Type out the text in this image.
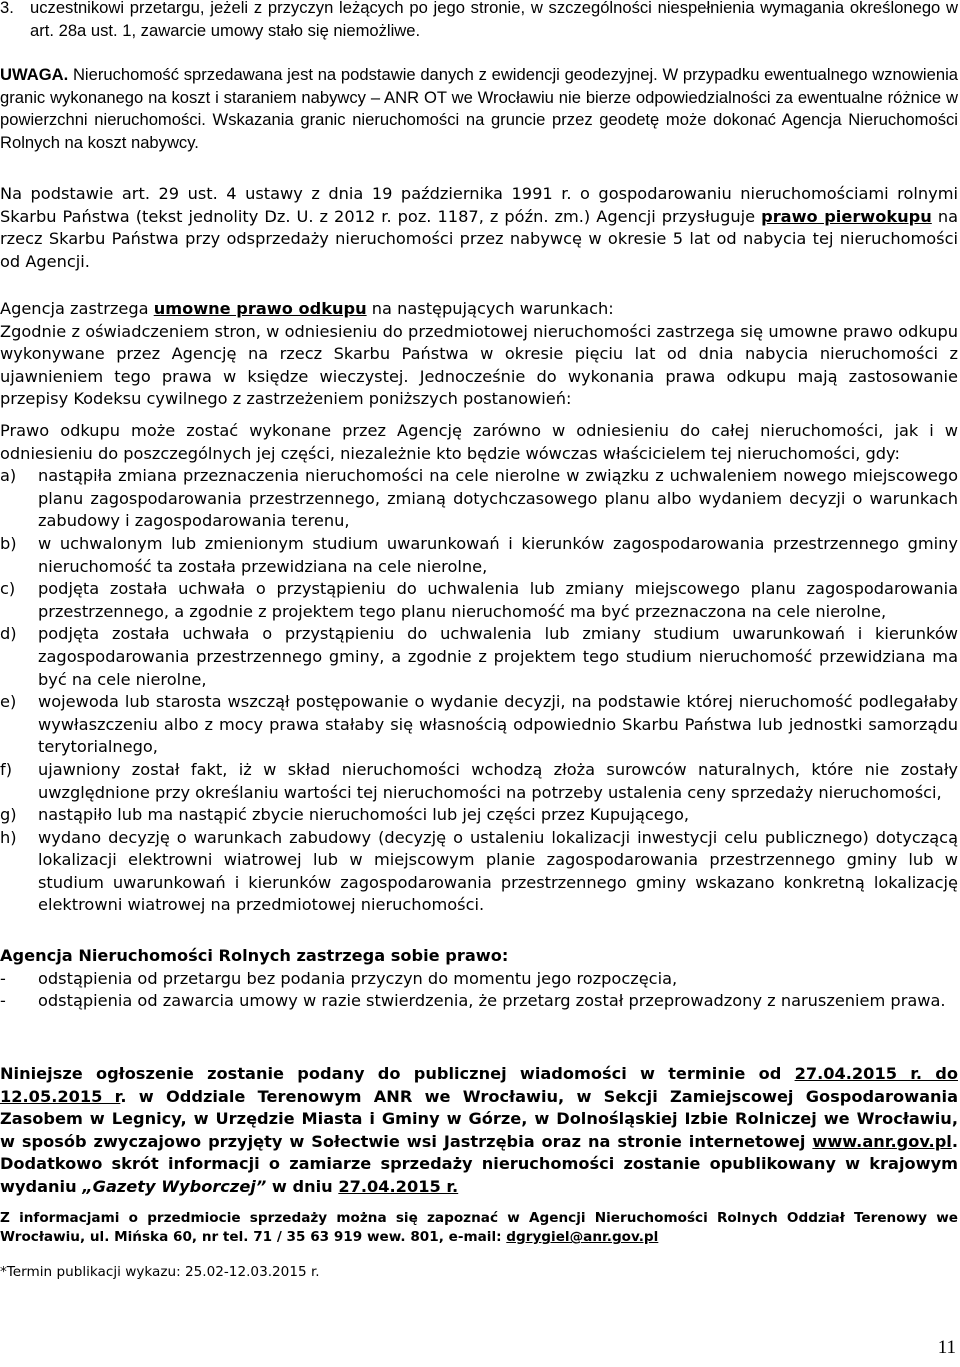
3. uczestnikowi przetargu, jeżeli z przyczyn leżących po jego stronie, w szczególności niespełnienia wymagania określonego w art. 28a ust. 1, zawarcie umowy stało się niemożliwe.

UWAGA. Nieruchomość sprzedawana jest na podstawie danych z ewidencji geodezyjnej. W przypadku ewentualnego wznowienia granic wykonanego na koszt i staraniem nabywcy – ANR OT we Wrocławiu nie bierze odpowiedzialności za ewentualne różnice w powierzchni nieruchomości. Wskazania granic nieruchomości na gruncie przez geodetę może dokonać Agencja Nieruchomości Rolnych na koszt nabywcy.

Na podstawie art. 29 ust. 4 ustawy z dnia 19 października 1991 r. o gospodarowaniu nieruchomościami rolnymi Skarbu Państwa (tekst jednolity Dz. U. z 2012 r. poz. 1187, z późn. zm.) Agencji przysługuje prawo pierwokupu na rzecz Skarbu Państwa przy odsprzedaży nieruchomości przez nabywcę w okresie 5 lat od nabycia tej nieruchomości od Agencji.

Agencja zastrzega umowne prawo odkupu na następujących warunkach:

Zgodnie z oświadczeniem stron, w odniesieniu do przedmiotowej nieruchomości zastrzega się umowne prawo odkupu wykonywane przez Agencję na rzecz Skarbu Państwa w okresie pięciu lat od dnia nabycia nieruchomości z ujawnieniem tego prawa w księdze wieczystej. Jednocześnie do wykonania prawa odkupu mają zastosowanie przepisy Kodeksu cywilnego z zastrzeżeniem poniższych postanowień:

Prawo odkupu może zostać wykonane przez Agencję zarówno w odniesieniu do całej nieruchomości, jak i w odniesieniu do poszczególnych jej części, niezależnie kto będzie wówczas właścicielem tej nieruchomości, gdy:

a) nastąpiła zmiana przeznaczenia nieruchomości na cele nierolne w związku z uchwaleniem nowego miejscowego planu zagospodarowania przestrzennego, zmianą dotychczasowego planu albo wydaniem decyzji o warunkach zabudowy i zagospodarowania terenu,
b) w uchwalonym lub zmienionym studium uwarunkowań i kierunków zagospodarowania przestrzennego gminy nieruchomość ta została przewidziana na cele nierolne,
c) podjęta została uchwała o przystąpieniu do uchwalenia lub zmiany miejscowego planu zagospodarowania przestrzennego, a zgodnie z projektem tego planu nieruchomość ma być przeznaczona na cele nierolne,
d) podjęta została uchwała o przystąpieniu do uchwalenia lub zmiany studium uwarunkowań i kierunków zagospodarowania przestrzennego gminy, a zgodnie z projektem tego studium nieruchomość przewidziana ma być na cele nierolne,
e) wojewoda lub starosta wszczął postępowanie o wydanie decyzji, na podstawie której nieruchomość podlegałaby wywłaszczeniu albo z mocy prawa stałaby się własnością odpowiednio Skarbu Państwa lub jednostki samorządu terytorialnego,
f) ujawniony został fakt, iż w skład nieruchomości wchodzą złoża surowców naturalnych, które nie zostały uwzględnione przy określaniu wartości tej nieruchomości na potrzeby ustalenia ceny sprzedaży nieruchomości,
g) nastąpiło lub ma nastąpić zbycie nieruchomości lub jej części przez Kupującego,
h) wydano decyzję o warunkach zabudowy (decyzję o ustaleniu lokalizacji inwestycji celu publicznego) dotyczącą lokalizacji elektrowni wiatrowej lub w miejscowym planie zagospodarowania przestrzennego gminy lub w studium uwarunkowań i kierunków zagospodarowania przestrzennego gminy wskazano konkretną lokalizację elektrowni wiatrowej na przedmiotowej nieruchomości.

Agencja Nieruchomości Rolnych zastrzega sobie prawo:

- odstąpienia od przetargu bez podania przyczyn do momentu jego rozpoczęcia,
- odstąpienia od zawarcia umowy w razie stwierdzenia, że przetarg został przeprowadzony z naruszeniem prawa.

Niniejsze ogłoszenie zostanie podany do publicznej wiadomości w terminie od 27.04.2015 r. do 12.05.2015 r. w Oddziale Terenowym ANR we Wrocławiu, w Sekcji Zamiejscowej Gospodarowania Zasobem w Legnicy, w Urzędzie Miasta i Gminy w Górze, w Dolnośląskiej Izbie Rolniczej we Wrocławiu, w sposób zwyczajowo przyjęty w Sołectwie wsi Jastrzębia oraz na stronie internetowej www.anr.gov.pl. Dodatkowo skrót informacji o zamiarze sprzedaży nieruchomości zostanie opublikowany w krajowym wydaniu „Gazety Wyborczej” w dniu 27.04.2015 r.

Z informacjami o przedmiocie sprzedaży można się zapoznać w Agencji Nieruchomości Rolnych Oddział Terenowy we Wrocławiu, ul. Mińska 60, nr tel. 71 / 35 63 919 wew. 801, e-mail: dgrygiel@anr.gov.pl

*Termin publikacji wykazu: 25.02-12.03.2015 r.
11
